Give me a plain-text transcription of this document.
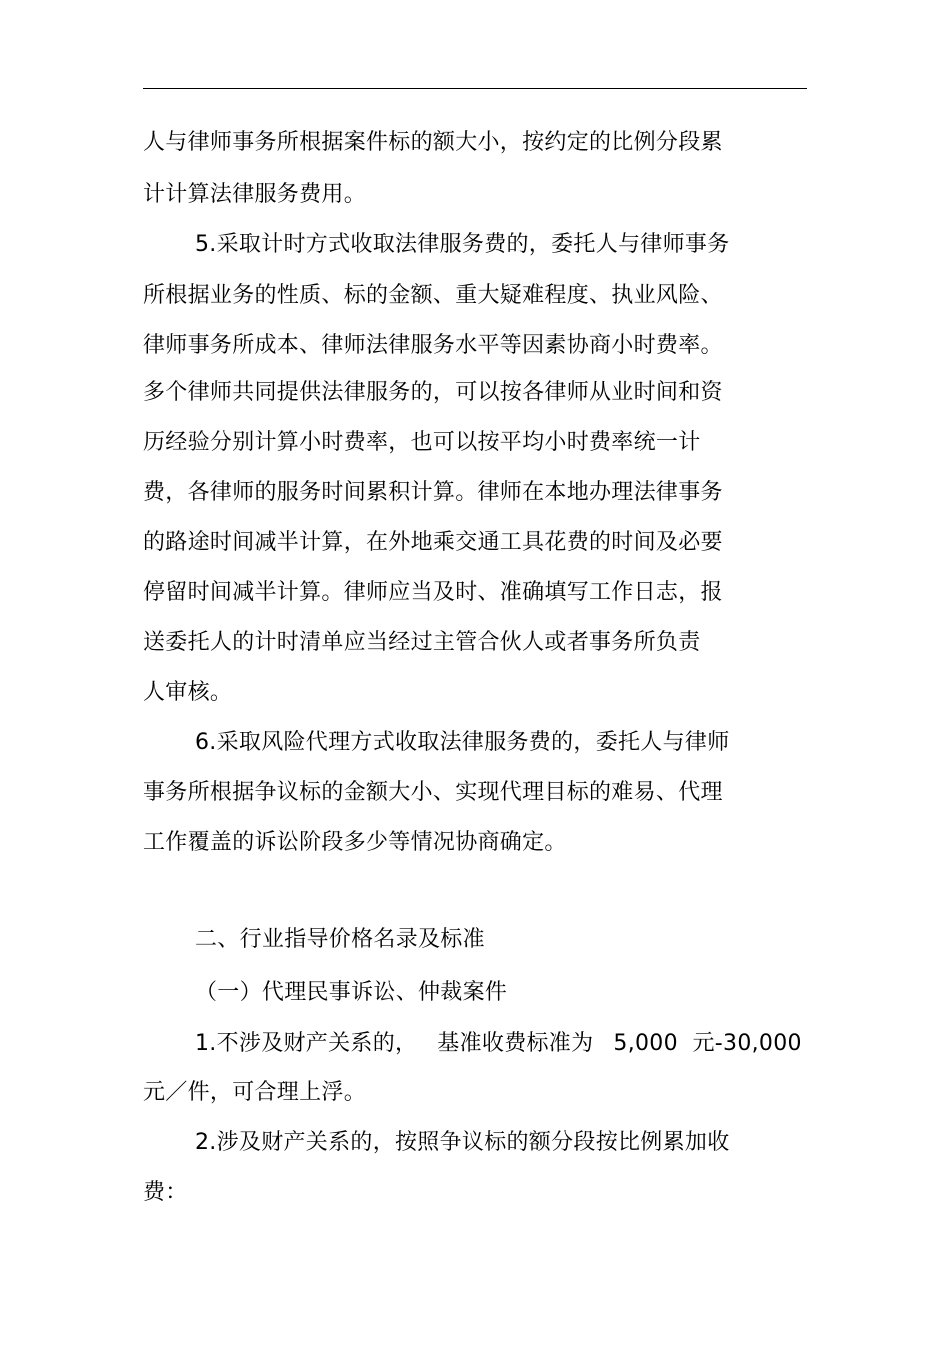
人与律师事务所根据案件标的额大小，按约定的比例分段累
计计算法律服务费用。
5.采取计时方式收取法律服务费的，委托人与律师事务
所根据业务的性质、标的金额、重大疑难程度、执业风险、
律师事务所成本、律师法律服务水平等因素协商小时费率。
多个律师共同提供法律服务的，可以按各律师从业时间和资
历经验分别计算小时费率，也可以按平均小时费率统一计
费，各律师的服务时间累积计算。律师在本地办理法律事务
的路途时间减半计算，在外地乘交通工具花费的时间及必要
停留时间减半计算。律师应当及时、准确填写工作日志，报
送委托人的计时清单应当经过主管合伙人或者事务所负责
人审核。
6.采取风险代理方式收取法律服务费的，委托人与律师
事务所根据争议标的金额大小、实现代理目标的难易、代理
工作覆盖的诉讼阶段多少等情况协商确定。
二、行业指导价格名录及标准
（一）代理民事诉讼、仲裁案件
1.不涉及财产关系的， 基准收费标准为 5,000 元-30,000
元／件，可合理上浮。
2.涉及财产关系的，按照争议标的额分段按比例累加收
费：
